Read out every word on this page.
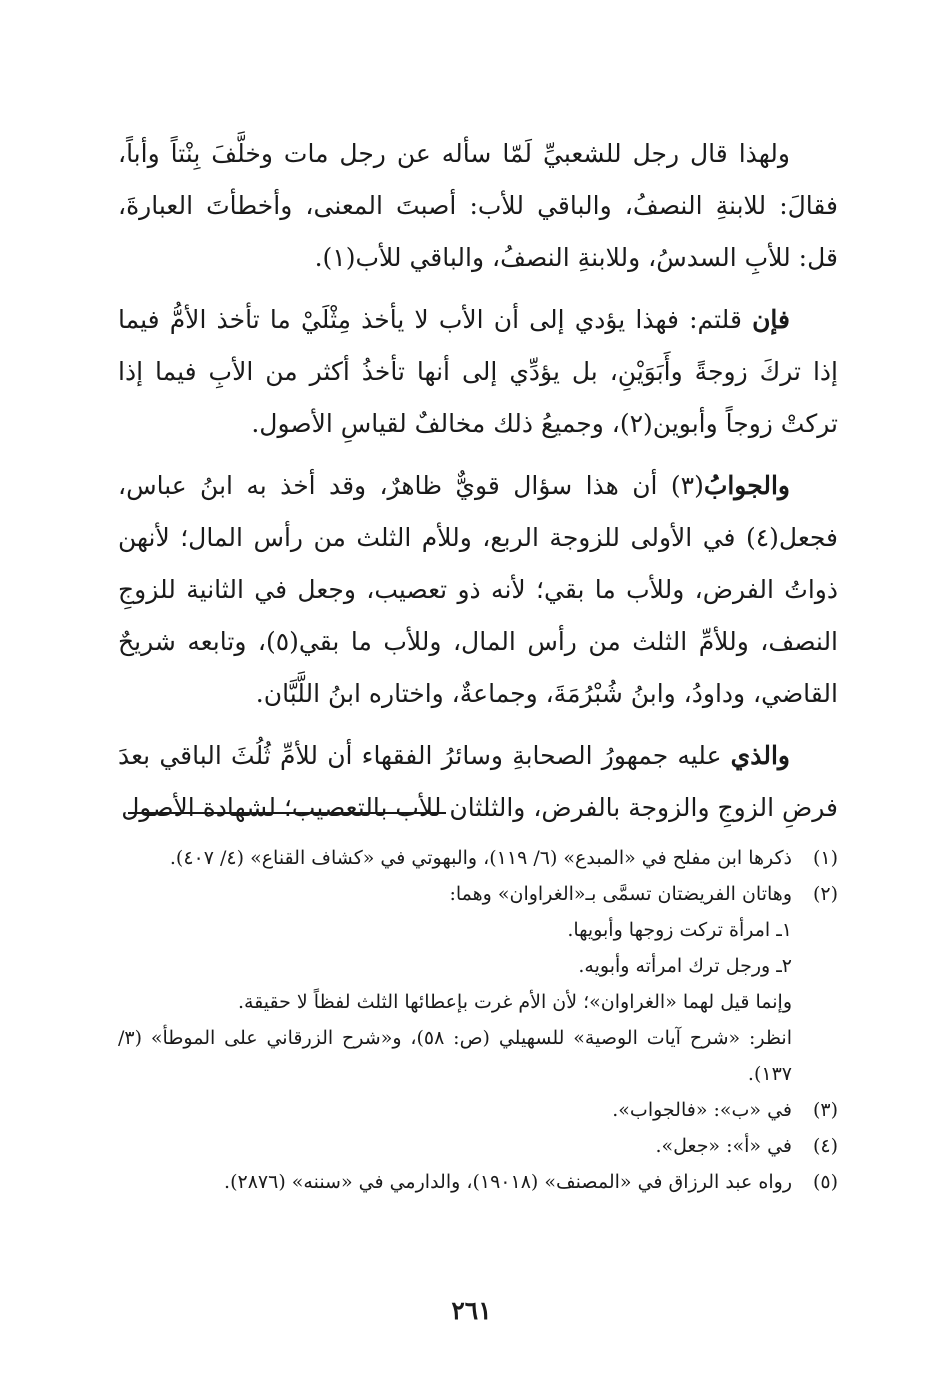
ولهذا قال رجل للشعبيِّ لَمّا سأله عن رجل مات وخلَّفَ بِنْتاً وأباً، فقالَ: للابنةِ النصفُ، والباقي للأب: أصبتَ المعنى، وأخطأتَ العبارةَ، قل: للأبِ السدسُ، وللابنةِ النصفُ، والباقي للأب(١).

فإن قلتم: فهذا يؤدي إلى أن الأب لا يأخذ مِثْلَيْ ما تأخذ الأمُّ فيما إذا تركَ زوجةً وأَبَوَيْنِ، بل يؤدِّي إلى أنها تأخذُ أكثر من الأبِ فيما إذا تركتْ زوجاً وأبوين(٢)، وجميعُ ذلك مخالفٌ لقياسِ الأصول.

والجوابُ(٣) أن هذا سؤال قويٌّ ظاهرٌ، وقد أخذ به ابنُ عباس، فجعل(٤) في الأولى للزوجة الربع، وللأم الثلث من رأس المال؛ لأنهن ذواتُ الفرض، وللأب ما بقي؛ لأنه ذو تعصيب، وجعل في الثانية للزوجِ النصف، وللأمِّ الثلث من رأس المال، وللأب ما بقي(٥)، وتابعه شريحٌ القاضي، وداودُ، وابنُ شُبْرُمَةَ، وجماعةٌ، واختاره ابنُ اللَّبَّان.

والذي عليه جمهورُ الصحابةِ وسائرُ الفقهاء أن للأمِّ ثُلُثَ الباقي بعدَ فرضِ الزوجِ والزوجة بالفرض، والثلثان للأب بالتعصيب؛ لشهادة الأصول

(١)

ذكرها ابن مفلح في «المبدع» (٦/ ١١٩)، والبهوتي في «كشاف القناع» (٤/ ٤٠٧).

(٢)

وهاتان الفريضتان تسمَّى بـ«الغراوان» وهما:

١ـ امرأة تركت زوجها وأبويها.

٢ـ ورجل ترك امرأته وأبويه.

وإنما قيل لهما «الغراوان»؛ لأن الأم غرت بإعطائها الثلث لفظاً لا حقيقة.

انظر: «شرح آيات الوصية» للسهيلي (ص: ٥٨)، و«شرح الزرقاني على الموطأ» (٣/ ١٣٧).

(٣)

في «ب»: «فالجواب».

(٤)

في «أ»: «جعل».

(٥)

رواه عبد الرزاق في «المصنف» (١٩٠١٨)، والدارمي في «سننه» (٢٨٧٦).

٢٦١
